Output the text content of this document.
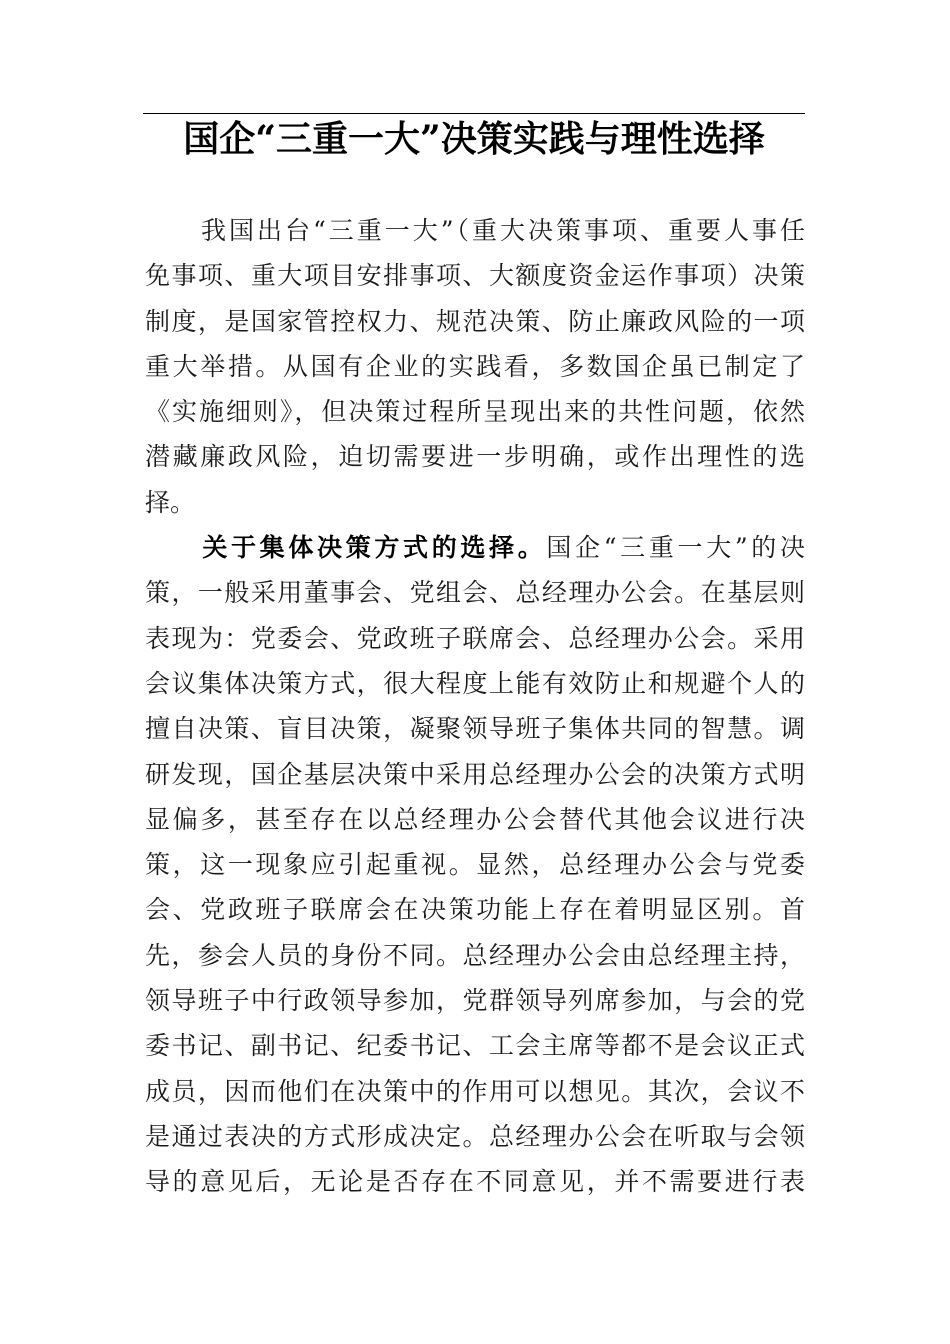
国企“三重一大”决策实践与理性选择
　　我国出台“三重一大”（重大决策事项、重要人事任
免事项、重大项目安排事项、大额度资金运作事项）决策
制度，是国家管控权力、规范决策、防止廉政风险的一项
重大举措。从国有企业的实践看，多数国企虽已制定了
《实施细则》，但决策过程所呈现出来的共性问题，依然
潜藏廉政风险，迫切需要进一步明确，或作出理性的选
择。
　　关于集体决策方式的选择。国企“三重一大”的决
策，一般采用董事会、党组会、总经理办公会。在基层则
表现为：党委会、党政班子联席会、总经理办公会。采用
会议集体决策方式，很大程度上能有效防止和规避个人的
擅自决策、盲目决策，凝聚领导班子集体共同的智慧。调
研发现，国企基层决策中采用总经理办公会的决策方式明
显偏多，甚至存在以总经理办公会替代其他会议进行决
策，这一现象应引起重视。显然，总经理办公会与党委
会、党政班子联席会在决策功能上存在着明显区别。首
先，参会人员的身份不同。总经理办公会由总经理主持，
领导班子中行政领导参加，党群领导列席参加，与会的党
委书记、副书记、纪委书记、工会主席等都不是会议正式
成员，因而他们在决策中的作用可以想见。其次，会议不
是通过表决的方式形成决定。总经理办公会在听取与会领
导的意见后，无论是否存在不同意见，并不需要进行表
